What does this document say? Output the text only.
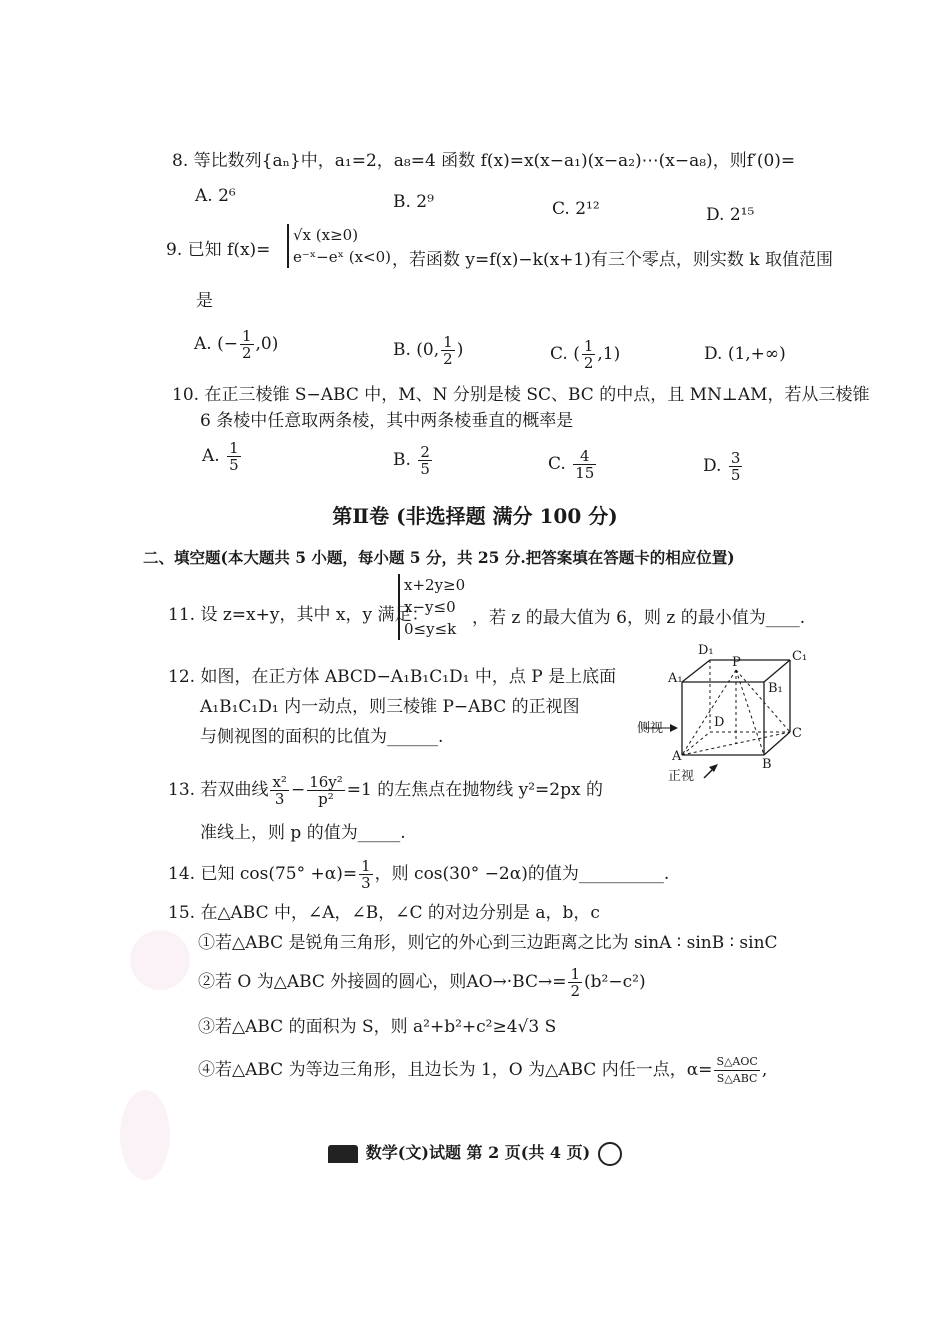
8. 等比数列{aₙ}中，a₁=2，a₈=4 函数 f(x)=x(x−a₁)(x−a₂)⋯(x−a₈)，则f′(0)=
A. 2⁶	B. 2⁹	C. 2¹²	D. 2¹⁵
9. 已知 f(x)=
√x (x≥0)
e⁻ˣ−eˣ (x<0) ，若函数 y=f(x)−k(x+1)有三个零点，则实数 k 取值范围
是
A. (− $\frac{1}{2} ,0$)	B. (0, $\frac{1}{2}$ )	C. ( $\frac{1}{2} ,1$)	D. (1,+∞)
10. 在正三棱锥 S−ABC 中，M、N 分别是棱 SC、BC 的中点，且 MN⊥AM，若从三棱锥
6 条棱中任意取两条棱，其中两条棱垂直的概率是
A. $\frac{1}{5}$	B. $\frac{2}{5}$	C. $\frac{4}{15}$	D. $\frac{3}{5}$
第Ⅱ卷 (非选择题 满分 100 分)
二、填空题(本大题共 5 小题，每小题 5 分，共 25 分.把答案填在答题卡的相应位置)
11. 设 z=x+y，其中 x，y 满足：
x+2y≥0
x−y≤0
0≤y≤k
，若 z 的最大值为 6，则 z 的最小值为____.
12. 如图，在正方体 ABCD−A₁B₁C₁D₁ 中，点 P 是上底面
A₁B₁C₁D₁ 内一动点，则三棱锥 P−ABC 的正视图
与侧视图的面积的比值为______.
D₁	C₁
P
A₁
B₁
D
C
A
B
侧视
正视
13. 若双曲线 $\frac{\text{x²}}{3} - \frac{\text{16y²}}{\text{p²}} =1$ 的左焦点在抛物线 y²=2px 的
准线上，则 p 的值为_____.
14. 已知 $\cos(75^\circ +\alpha)= \frac{1}{3}$ ，则 cos(30° −2α)的值为__________.
15. 在△ABC 中，∠A，∠B，∠C 的对边分别是 a，b，c
①若△ABC 是锐角三角形，则它的外心到三边距离之比为 sinA ∶ sinB ∶ sinC
②若 O 为△ABC 外接圆的圆心，则$AO\to\cdot BC\to= \frac{1}{2} (b^2-c^2)$
③若△ABC 的面积为 S，则 a²+b²+c²≥4√3 S
④若△ABC 为等边三角形，且边长为 1，O 为△ABC 内任一点，$\alpha= \frac{\text{S△AOC}}{\text{S△ABC}}$ ,
数学(文)试题 第 2 页(共 4 页)
